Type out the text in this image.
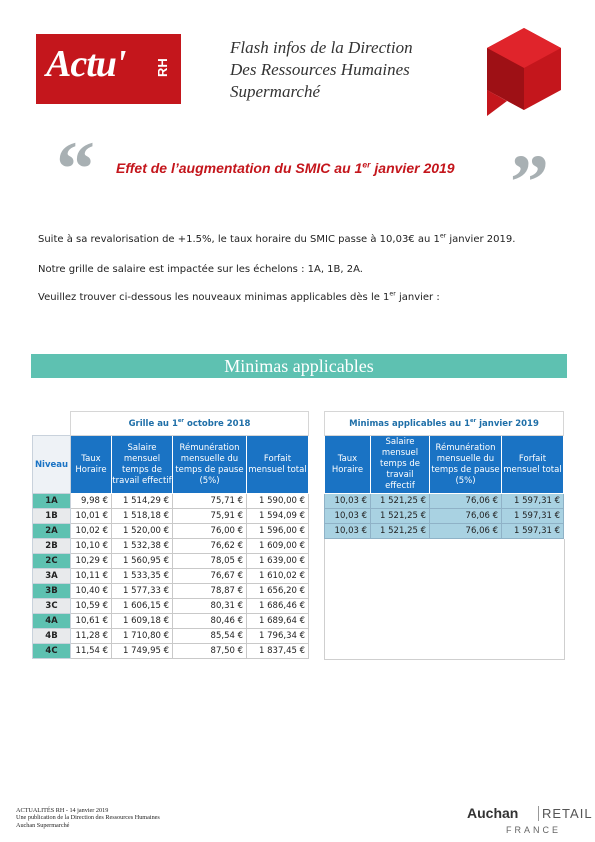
Actu' RH
Flash infos de la Direction
Des Ressources Humaines
Supermarché
“	”
Effet de l’augmentation du SMIC au 1er janvier 2019
Suite à sa revalorisation de +1.5%, le taux horaire du SMIC passe à 10,03€ au 1er janvier 2019.
Notre grille de salaire est impactée sur les échelons : 1A, 1B, 2A.
Veuillez trouver ci-dessous les nouveaux minimas applicables dès le 1er janvier :
Minimas applicables
	Grille au 1er octobre 2018			
Niveau	Taux Horaire	Salaire mensuel temps de travail effectif	Rémunération mensuelle du temps de pause (5%)	Forfait mensuel total
1A	9,98 €	1 514,29 €	75,71 €	1 590,00 €
1B	10,01 €	1 518,18 €	75,91 €	1 594,09 €
2A	10,02 €	1 520,00 €	76,00 €	1 596,00 €
2B	10,10 €	1 532,38 €	76,62 €	1 609,00 €
2C	10,29 €	1 560,95 €	78,05 €	1 639,00 €
3A	10,11 €	1 533,35 €	76,67 €	1 610,02 €
3B	10,40 €	1 577,33 €	78,87 €	1 656,20 €
3C	10,59 €	1 606,15 €	80,31 €	1 686,46 €
4A	10,61 €	1 609,18 €	80,46 €	1 689,64 €
4B	11,28 €	1 710,80 €	85,54 €	1 796,34 €
4C	11,54 €	1 749,95 €	87,50 €	1 837,45 €
Minimas applicables au 1er janvier 2019			
Taux Horaire	Salaire mensuel temps de travail effectif	Rémunération mensuelle du temps de pause (5%)	Forfait mensuel total
10,03 €	1 521,25 €	76,06 €	1 597,31 €
10,03 €	1 521,25 €	76,06 €	1 597,31 €
10,03 €	1 521,25 €	76,06 €	1 597,31 €
ACTUALITÉS RH - 14 janvier 2019
Une publication de la Direction des Ressources Humaines
Auchan Supermarché
Auchan	RETAIL
FRANCE
